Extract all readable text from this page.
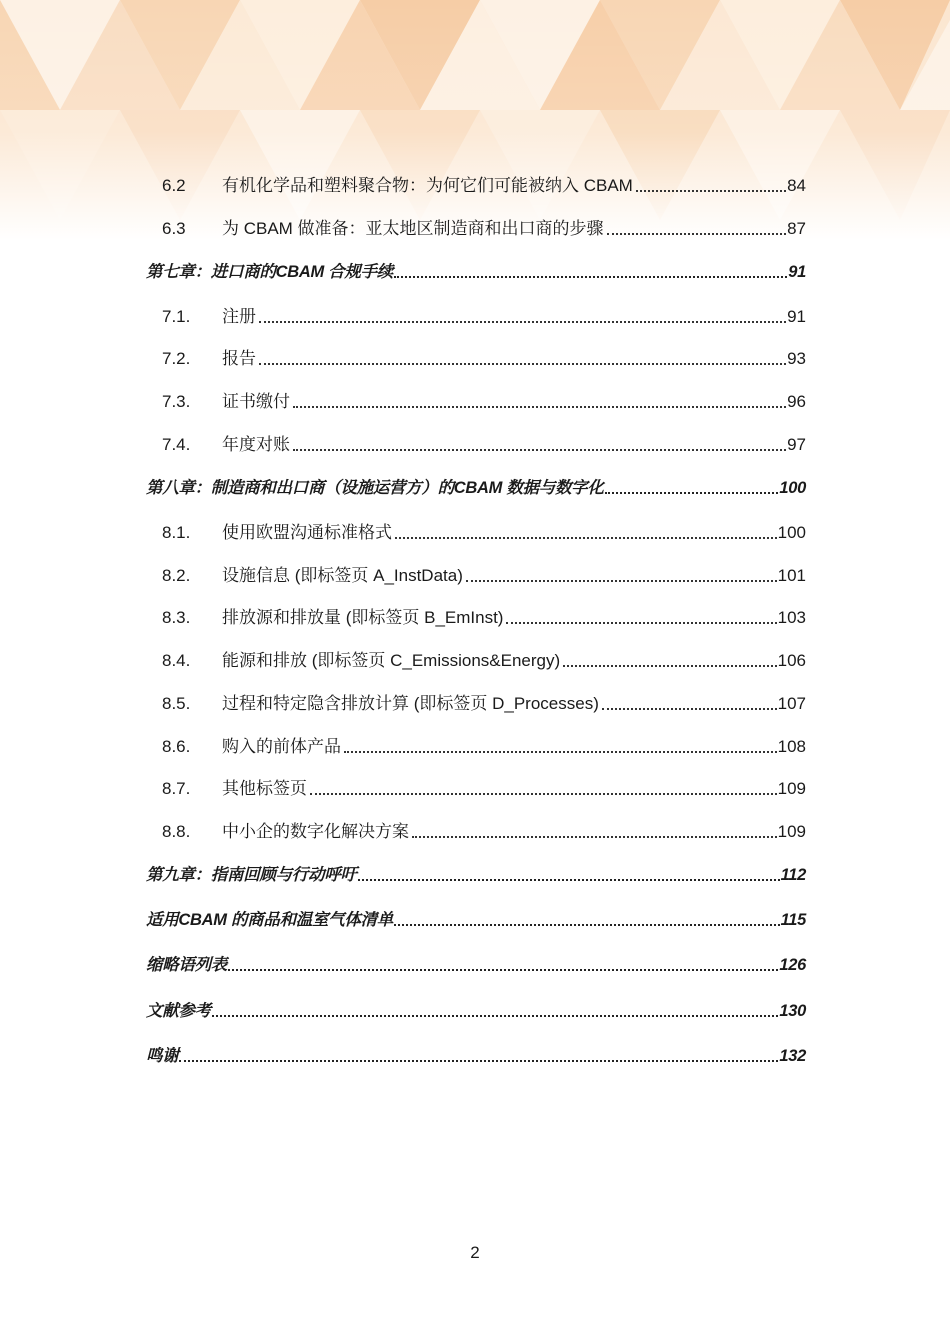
6.2	有机化学品和塑料聚合物：为何它们可能被纳入 CBAM	84
6.3	为 CBAM 做准备：亚太地区制造商和出口商的步骤	87
第七章：进口商的CBAM 合规手续	91
7.1.	注册	91
7.2.	报告	93
7.3.	证书缴付	96
7.4.	年度对账	97
第八章：制造商和出口商（设施运营方）的CBAM 数据与数字化	100
8.1.	使用欧盟沟通标准格式	100
8.2.	设施信息 (即标签页 A_InstData)	101
8.3.	排放源和排放量 (即标签页 B_EmInst)	103
8.4.	能源和排放 (即标签页 C_Emissions&Energy)	106
8.5.	过程和特定隐含排放计算 (即标签页 D_Processes)	107
8.6.	购入的前体产品	108
8.7.	其他标签页	109
8.8.	中小企的数字化解决方案	109
第九章：指南回顾与行动呼吁	112
适用CBAM 的商品和温室气体清单	115
缩略语列表	126
文献参考	130
鸣谢	132
2
